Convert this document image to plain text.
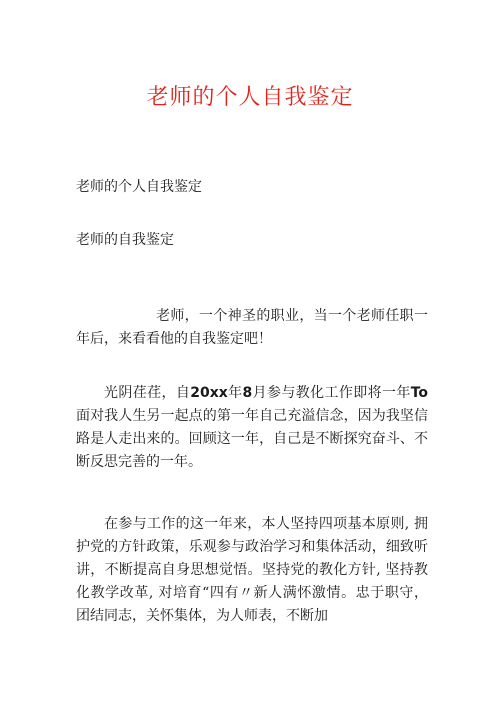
老师的个人自我鉴定
老师的个人自我鉴定
老师的自我鉴定

老师，一个神圣的职业，当一个老师任职一年后，来看看他的自我鉴定吧！

光阴荏荏，自20xx年8月参与教化工作即将一年To面对我人生另一起点的第一年自己充溢信念，因为我坚信路是人走出来的。回顾这一年，自己是不断探究奋斗、不断反思完善的一年。

在参与工作的这一年来，本人坚持四项基本原则, 拥护党的方针政策，乐观参与政治学习和集体活动，细致听讲，不断提高自身思想觉悟。坚持党的教化方针, 坚持教化教学改革, 对培育“四有〃新人满怀激情。忠于职守，团结同志，关怀集体，为人师表，不断加
